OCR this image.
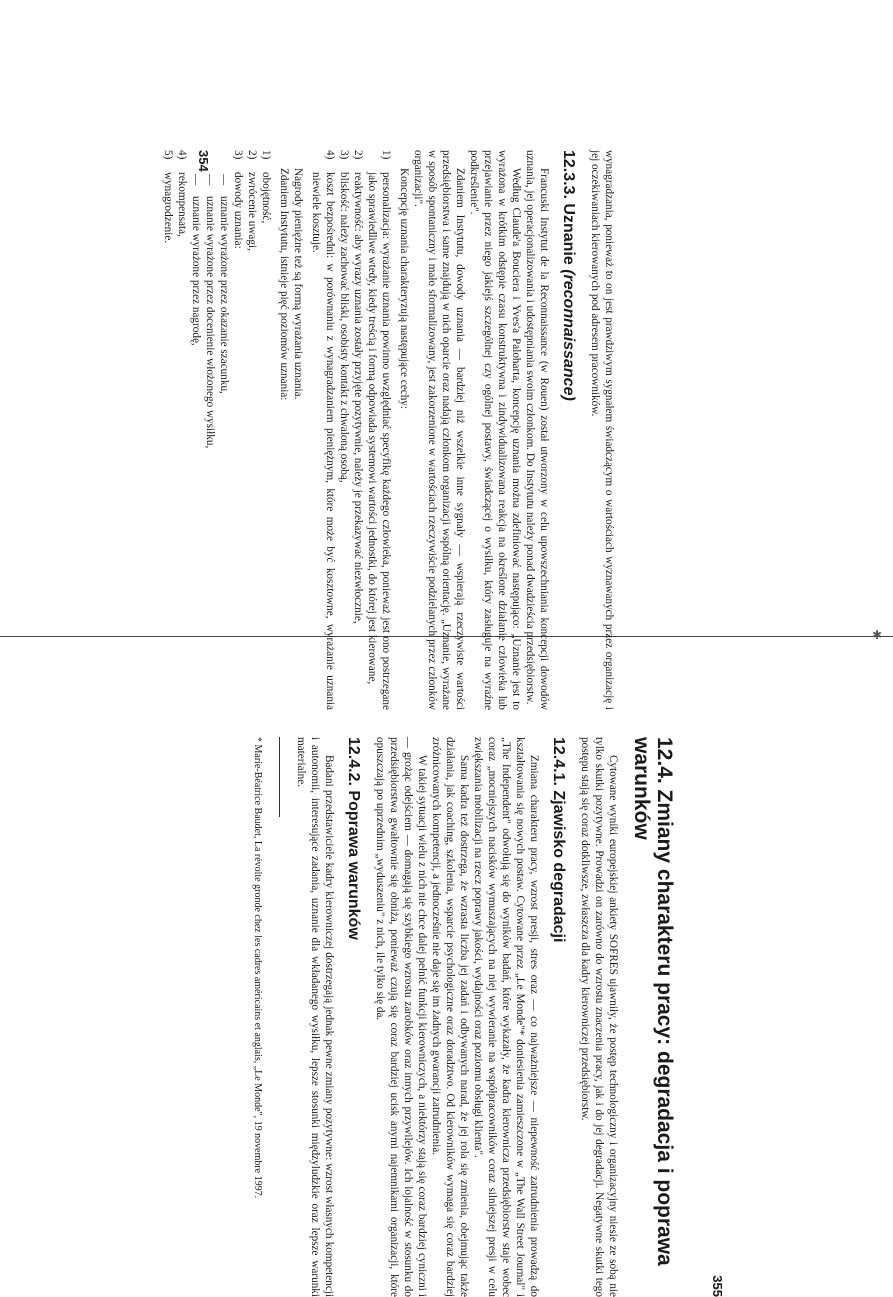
✱

wynagradzania, ponieważ to on jest prawdziwym sygnałem świadczącym o wartościach wyznawanych przez organizację i jej oczekiwaniach kierowanych pod adresem pracowników.

12.3.3. Uznanie (reconnaissance)

Francuski Instytut de la Reconnaissance (w Rouen) został utworzony w celu upowszechniania koncepcji dowodów uznania, jej operacjonalizowania i udostępniania swoim członkom. Do Instytutu należy ponad dwadzieścia przedsiębiorstw.

Według Claude'a Bouciera i Yves'a Paloharta, koncepcję uznania można zdefiniować następująco: „Uznanie jest to wyrażona w krótkim odstępie czasu konstruktywna i zindywidualizowana reakcja na określone działanie człowieka lub przejawianie przez niego jakiejś szczególnej czy ogólnej postawy, świadczącej o wysiłku, który zasługuje na wyraźne podkreślenie".

Zdaniem Instytutu, dowody uznania — bardziej niż wszelkie inne sygnały — wspierają rzeczywiste wartości przedsiębiorstwa i same znajdują w nich oparcie oraz nadają członkom organizacji wspólną orientację. „Uznanie, wyrażane w sposób spontaniczny i mało sformalizowany, jest zakorzenione w wartościach rzeczywiście podzielanych przez członków organizacji".

Koncepcję uznania charakteryzują następujące cechy:

1)
personalizacja: wyrażanie uznania powinno uwzględniać specyfikę każdego człowieka, ponieważ jest ono postrzegane jako sprawiedliwe wtedy, kiedy treścią i formą odpowiada systemowi wartości jednostki, do której jest kierowane,
2)
reaktywność: aby wyrazy uznania zostały przyjęte pozytywnie, należy je przekazywać niezwłocznie,
3)
bliskość: należy zachować bliski, osobisty kontakt z chwaloną osobą,
4)
koszt bezpośredni: w porównaniu z wynagradzaniem pieniężnym, które może być kosztowne, wyrażanie uznania niewiele kosztuje.

Nagrody pieniężne też są formą wyrażania uznania.

Zdaniem Instytutu, istnieje pięć poziomów uznania:

1)
obojętność,
2)
zwrócenie uwagi,
3)
dowody uznania:
—
uznanie wyrażone przez okazanie szacunku,
—
uznanie wyrażone przez docenienie włożonego wysiłku,
—
uznanie wyrażone przez nagrodę,
4)
rekompensata,
5)
wynagrodzenie.
354
355
12.4. Zmiany charakteru pracy: degradacja i poprawa warunków

Cytowane wyniki europejskiej ankiety SOFRES ujawniły, że postęp technologiczny i organizacyjny niesie ze sobą nie tylko skutki pozytywne. Prowadzi on zarówno do wzrostu znaczenia pracy, jak i do jej degradacji. Negatywne skutki tego postępu stają się coraz dotkliwsze, zwłaszcza dla kadry kierowniczej przedsiębiorstw.

12.4.1. Zjawisko degradacji

Zmiana charakteru pracy, wzrost presji, stres oraz — co najważniejsze — niepewność zatrudnienia prowadzą do kształtowania się nowych postaw. Cytowane przez „Le Monde"* doniesienia zamieszczone w „The Wall Street Journal" i „The Independent" odwołują się do wyników badań, które wykazały, że kadra kierownicza przedsiębiorstw staje wobec coraz „mocniejszych nacisków wymuszających na niej wywieranie na współpracowników coraz silniejszej presji w celu zwiększania mobilizacji na rzecz poprawy jakości, wydajności oraz poziomu obsługi klienta".

Sama kadra też dostrzega, że wzrasta liczba jej zadań i odbywanych narad, że jej rola się zmienia, obejmując także działania, jak coaching, szkolenia, wsparcie psychologiczne oraz doradztwo. Od kierowników wymaga się coraz bardziej zróżnicowanych kompetencji, a jednocześnie nie daje się im żadnych gwarancji zatrudnienia.

W takiej sytuacji wielu z nich nie chce dalej pełnić funkcji kierowniczych, a niektórzy stają się coraz bardziej cyniczni i — grożąc odejściem — domagają się szybkiego wzrostu zarobków oraz innych przywilejów. Ich lojalność w stosunku do przedsiębiorstwa gwałtownie się obniża, ponieważ czują się coraz bardziej ucisk anymi najemnikami organizacji, które opuszczają po uprzednim „wyduszeniu" z nich, ile tylko się da.

12.4.2. Poprawa warunków

Badani przedstawiciele kadry kierowniczej dostrzegają jednak pewne zmiany pozytywne: wzrost własnych kompetencji i autonomii, interesujące zadania, uznanie dla wkładanego wysiłku, lepsze stosunki międzyludzkie oraz lepsze warunki materialne.

* Marie-Béatrice Baudet, La révolte gronde chez les cadres américains et anglais, „Le Monde", 19 novembre 1997.
